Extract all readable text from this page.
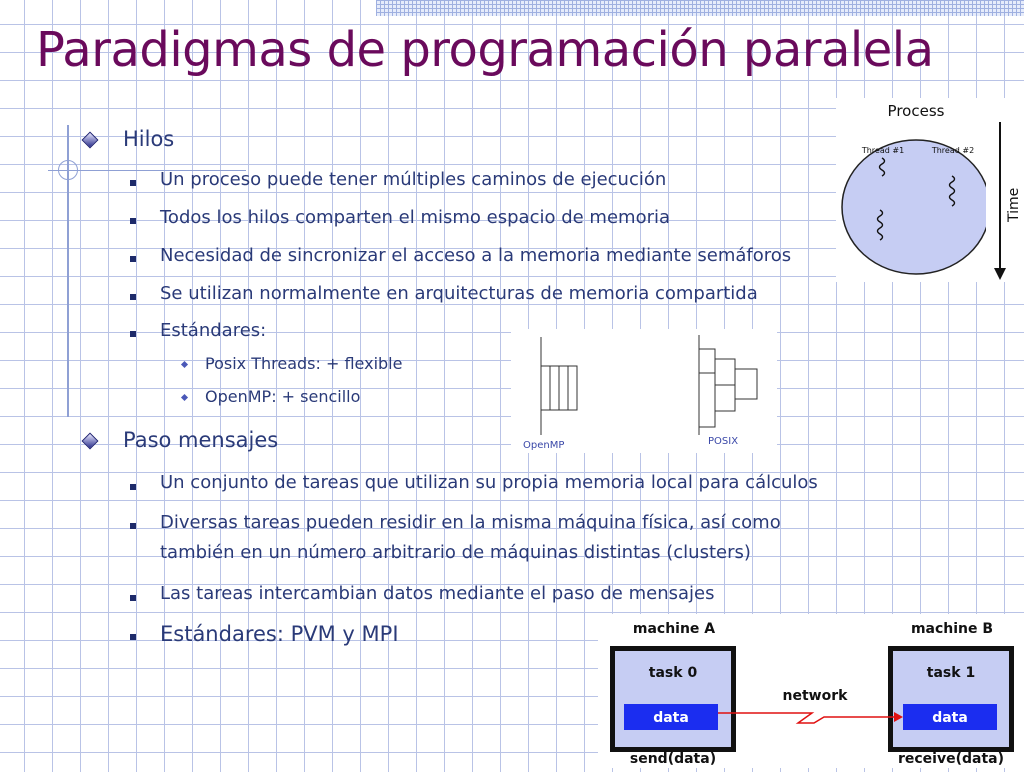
Paradigmas de programación paralela

Hilos

Un proceso puede tener múltiples caminos de ejecución

Todos los hilos comparten el mismo espacio de memoria

Necesidad de sincronizar el acceso a la memoria mediante semáforos

Se utilizan normalmente en arquitecturas de memoria compartida

Estándares:

Posix Threads: + flexible

OpenMP: + sencillo

Paso mensajes

Un conjunto de tareas que utilizan su propia memoria local para cálculos

Diversas tareas pueden residir en la misma máquina física, así como también en un número arbitrario de máquinas distintas (clusters)

Las tareas intercambian datos mediante el paso de mensajes

Estándares: PVM y MPI

Process
Thread #1	Thread #2
Time
OpenMP	POSIX
machine A	machine B
task 0
data
task 1
data
network
send(data)	receive(data)
